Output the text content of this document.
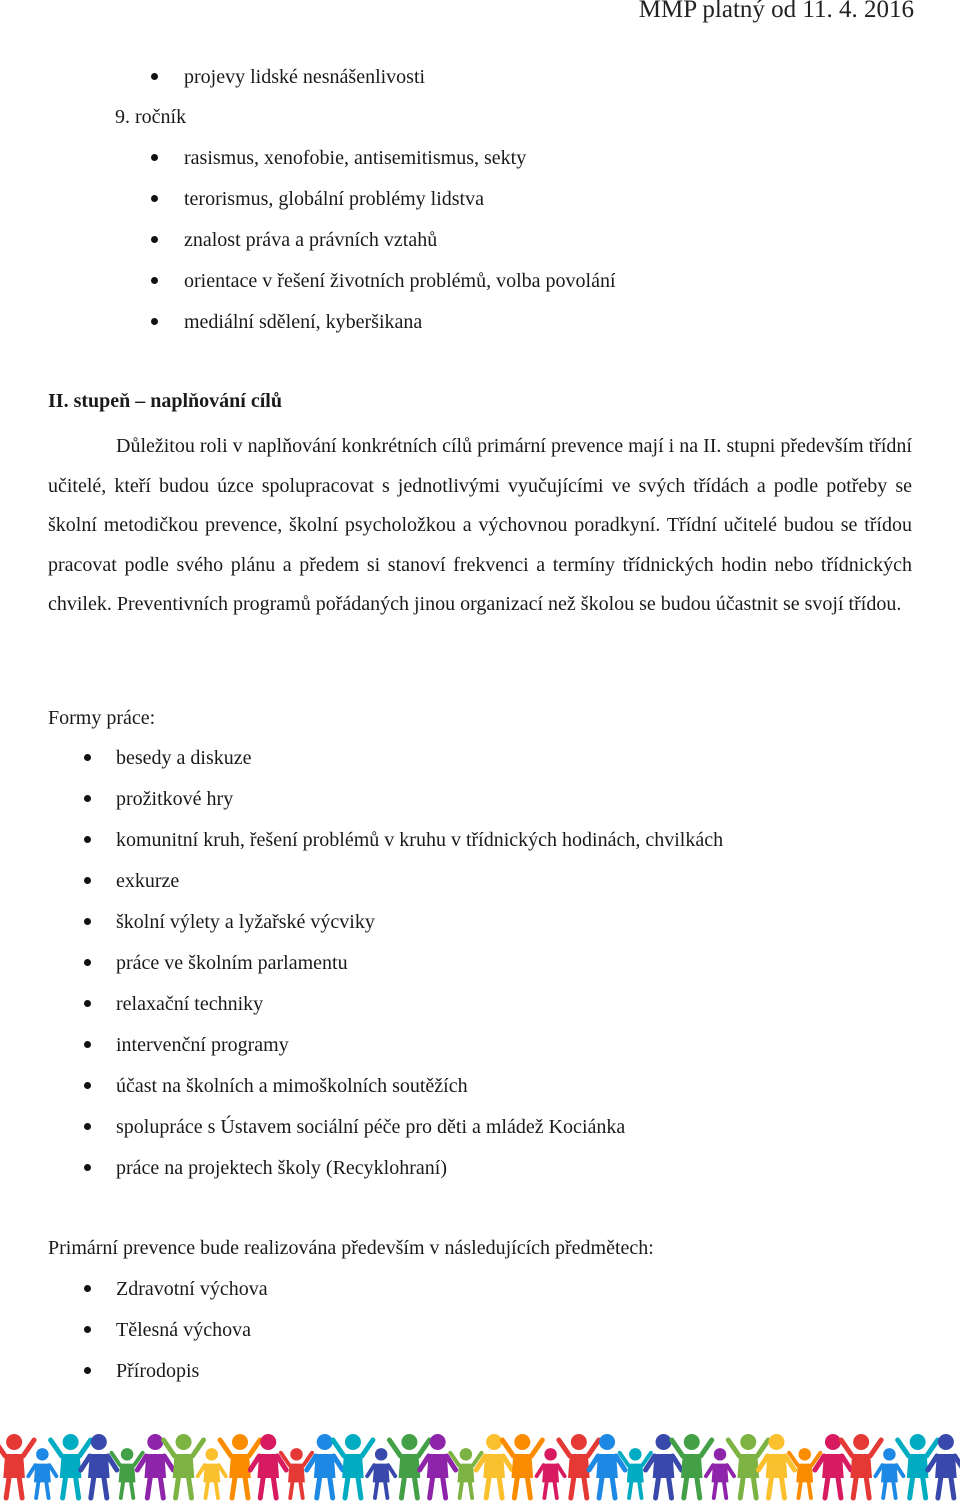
MMP platný od 11. 4. 2016
projevy lidské nesnášenlivosti
9. ročník
rasismus, xenofobie, antisemitismus, sekty
terorismus, globální problémy lidstva
znalost práva a právních vztahů
orientace v řešení životních problémů, volba povolání
mediální sdělení, kyberšikana
II. stupeň – naplňování cílů

Důležitou roli v naplňování konkrétních cílů primární prevence mají i na II. stupni především třídní učitelé, kteří budou úzce spolupracovat s jednotlivými vyučujícími ve svých třídách a podle potřeby se školní metodičkou prevence, školní psycholožkou a výchovnou poradkyní. Třídní učitelé budou se třídou pracovat podle svého plánu a předem si stanoví frekvenci a termíny třídnických hodin nebo třídnických chvilek. Preventivních programů pořádaných jinou organizací než školou se budou účastnit se svojí třídou.

Formy práce:
besedy a diskuze
prožitkové hry
komunitní kruh, řešení problémů v kruhu v třídnických hodinách, chvilkách
exkurze
školní výlety a lyžařské výcviky
práce ve školním parlamentu
relaxační techniky
intervenční programy
účast na školních a mimoškolních soutěžích
spolupráce s Ústavem sociální péče pro děti a mládež Kociánka
práce na projektech školy (Recyklohraní)
Primární prevence bude realizována především v následujících předmětech:
Zdravotní výchova
Tělesná výchova
Přírodopis
